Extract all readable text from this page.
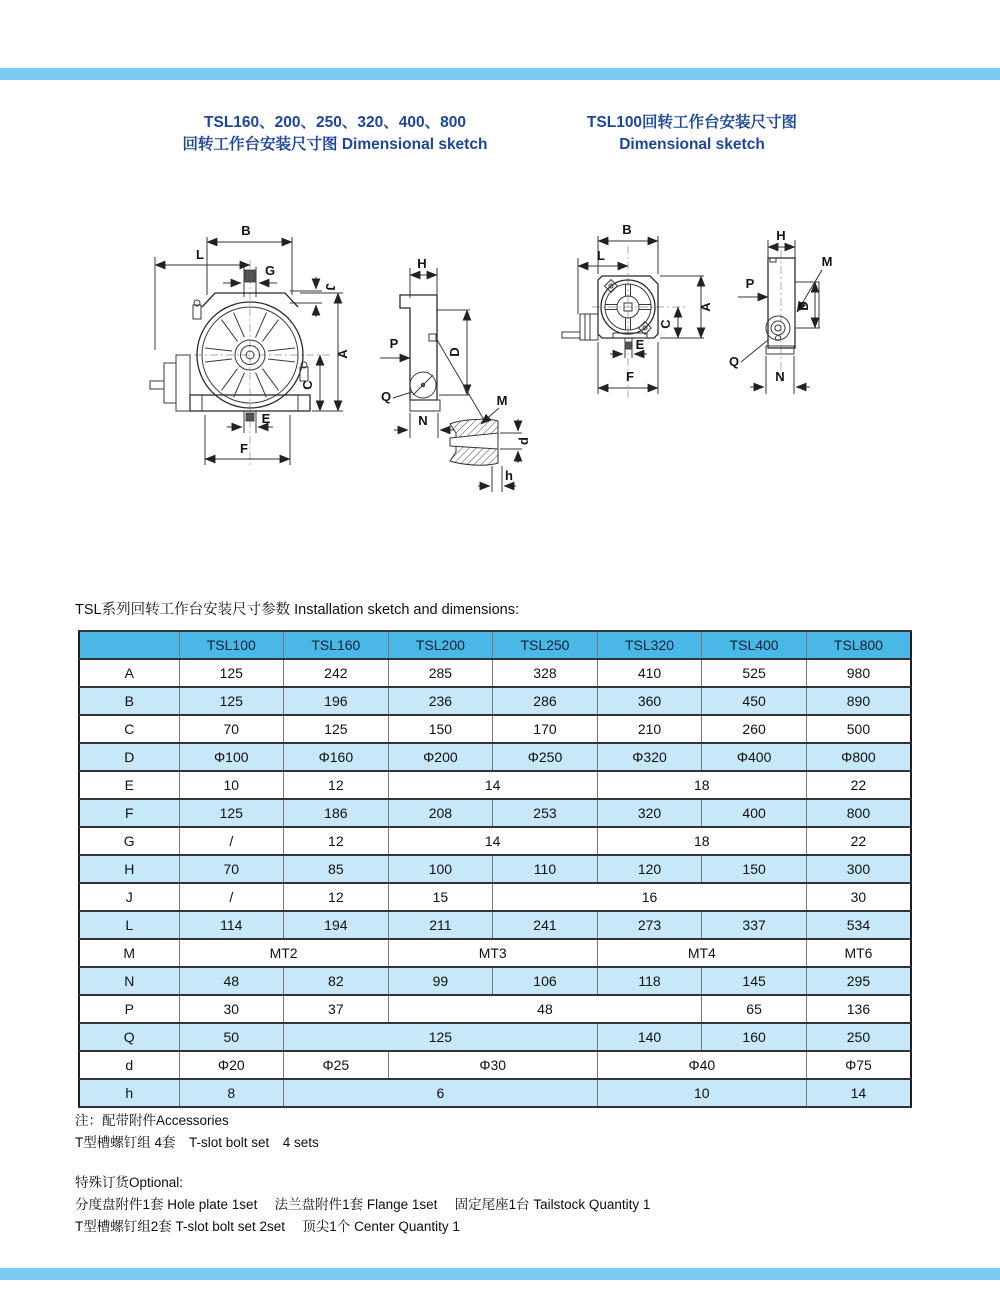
TSL160、200、250、320、400、800
回转工作台安装尺寸图 Dimensional sketch
TSL100回转工作台安装尺寸图
Dimensional sketch
B
L
G
J
E
F
A
C
H
D
P
Q
N
M
d
h
B
L
A
C
E
F
H
M
P
D
Q
N
TSL系列回转工作台安装尺寸参数 Installation sketch and dimensions:
	TSL100	TSL160	TSL200	TSL250	TSL320	TSL400	TSL800
A	125	242	285	328	410	525	980
B	125	196	236	286	360	450	890
C	70	125	150	170	210	260	500
D	Φ100	Φ160	Φ200	Φ250	Φ320	Φ400	Φ800
E	10	12	14		18		22
F	125	186	208	253	320	400	800
G	/	12	14		18		22
H	70	85	100	110	120	150	300
J	/	12	15	16			30
L	114	194	211	241	273	337	534
M	MT2		MT3		MT4		MT6
N	48	82	99	106	118	145	295
P	30	37	48			65	136
Q	50	125			140	160	250
d	Φ20	Φ25	Φ30		Φ40		Φ75
h	8	6			10		14
注：配带附件Accessories
T型槽螺钉组 4套　T-slot bolt set　4 sets
特殊订货Optional:
分度盘附件1套 Hole plate 1set　 法兰盘附件1套 Flange 1set　 固定尾座1台 Tailstock Quantity 1
T型槽螺钉组2套 T-slot bolt set 2set　 顶尖1个 Center Quantity 1
